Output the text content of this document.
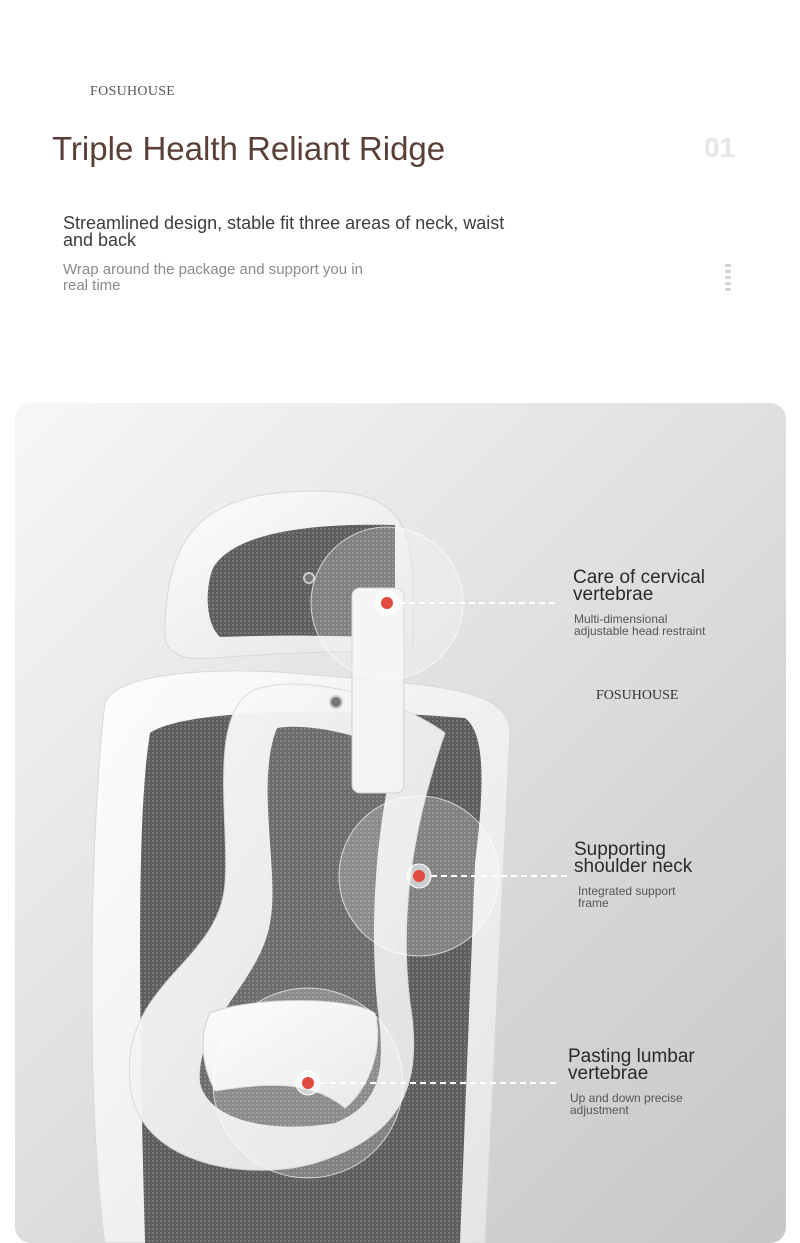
FOSUHOUSE
Triple Health Reliant Ridge	01
Streamlined design, stable fit three areas of neck, waist and back
Wrap around the package and support you in real time
FOSUHOUSE
Care of cervical vertebrae
Multi-dimensional adjustable head restraint
Supporting shoulder neck
Integrated support frame
Pasting lumbar vertebrae
Up and down precise adjustment
